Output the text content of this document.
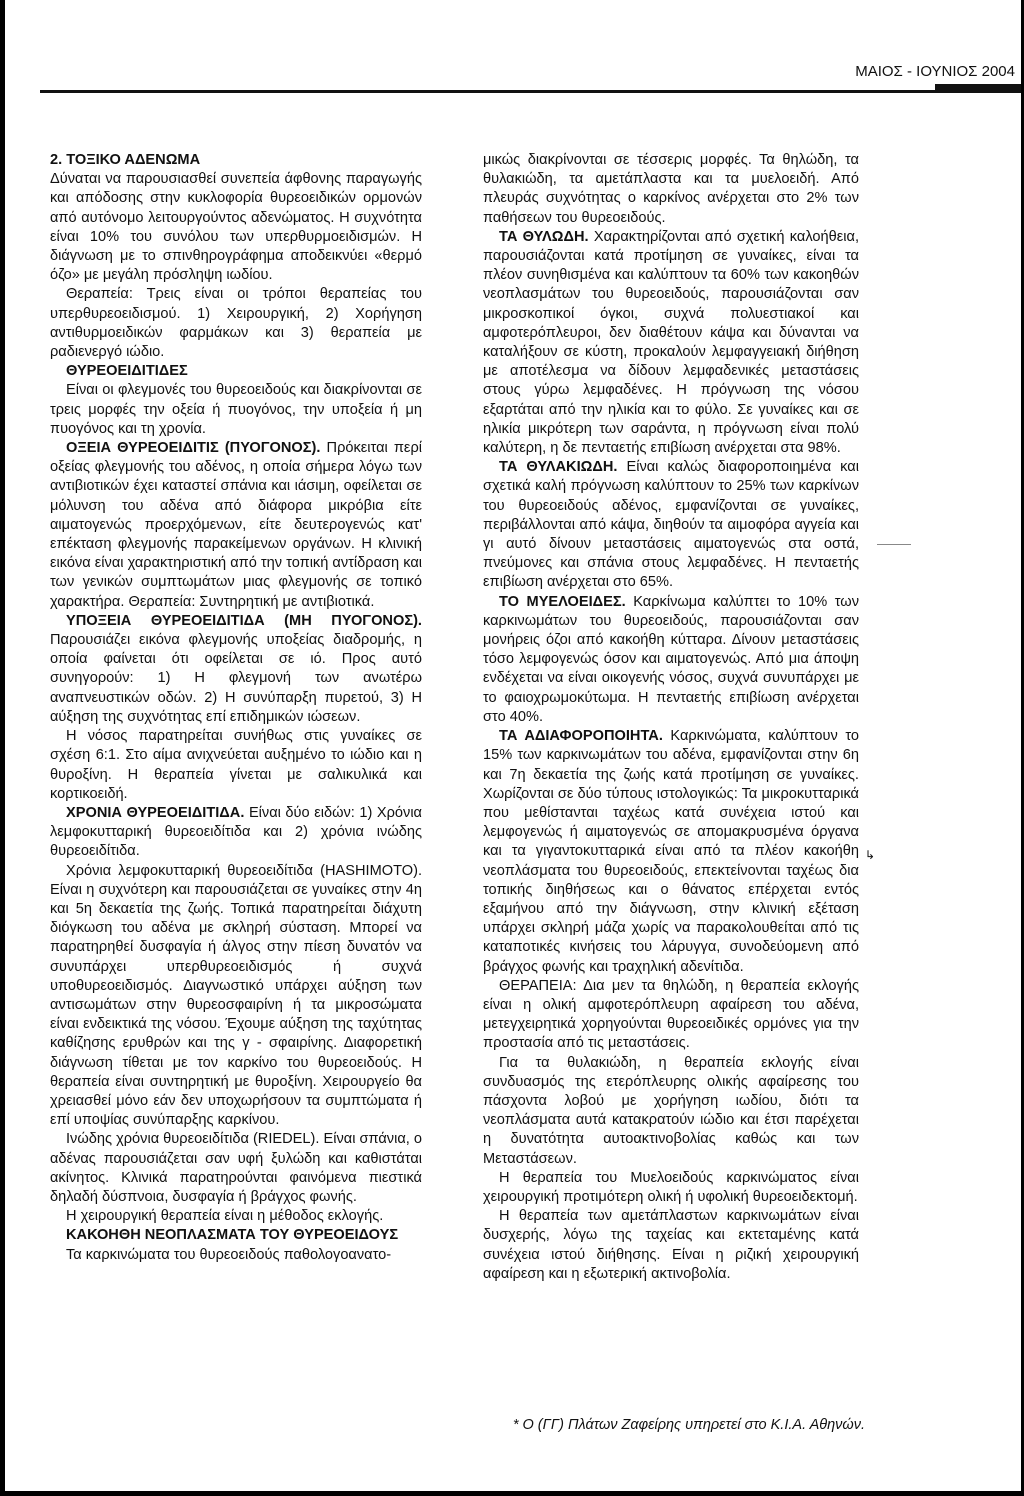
ΜΑΙΟΣ - ΙΟΥΝΙΟΣ 2004

2. ΤΟΞΙΚΟ ΑΔΕΝΩΜΑ

Δύναται να παρουσιασθεί συνεπεία άφθονης παραγωγής και απόδοσης στην κυκλοφορία θυρεοειδικών ορμονών από αυτόνομο λειτουργούντος αδενώματος. Η συχνότητα είναι 10% του συνόλου των υπερθυρμοειδισμών. Η διάγνωση με το σπινθηρογράφημα αποδεικνύει «θερμό όζο» με μεγάλη πρόσληψη ιωδίου.

Θεραπεία: Τρεις είναι οι τρόποι θεραπείας του υπερθυρεοειδισμού. 1) Χειρουργική, 2) Χορήγηση αντιθυρμοειδικών φαρμάκων και 3) θεραπεία με ραδιενεργό ιώδιο.

ΘΥΡΕΟΕΙΔΙΤΙΔΕΣ

Είναι οι φλεγμονές του θυρεοειδούς και διακρίνονται σε τρεις μορφές την οξεία ή πυογόνος, την υποξεία ή μη πυογόνος και τη χρονία.

ΟΞΕΙΑ ΘΥΡΕΟΕΙΔΙΤΙΣ (ΠΥΟΓΟΝΟΣ). Πρόκειται περί οξείας φλεγμονής του αδένος, η οποία σήμερα λόγω των αντιβιοτικών έχει καταστεί σπάνια και ιάσιμη, οφείλεται σε μόλυνση του αδένα από διάφορα μικρόβια είτε αιματογενώς προερχόμενων, είτε δευτερογενώς κατ' επέκταση φλεγμονής παρακείμενων οργάνων. Η κλινική εικόνα είναι χαρακτηριστική από την τοπική αντίδραση και των γενικών συμπτωμάτων μιας φλεγμονής σε τοπικό χαρακτήρα. Θεραπεία: Συντηρητική με αντιβιοτικά.

ΥΠΟΞΕΙΑ ΘΥΡΕΟΕΙΔΙΤΙΔΑ (ΜΗ ΠΥΟΓΟΝΟΣ). Παρουσιάζει εικόνα φλεγμονής υποξείας διαδρομής, η οποία φαίνεται ότι οφείλεται σε ιό. Προς αυτό συνηγορούν: 1) Η φλεγμονή των ανωτέρω αναπνευστικών οδών. 2) Η συνύπαρξη πυρετού, 3) Η αύξηση της συχνότητας επί επιδημικών ιώσεων.

Η νόσος παρατηρείται συνήθως στις γυναίκες σε σχέση 6:1. Στο αίμα ανιχνεύεται αυξημένο το ιώδιο και η θυροξίνη. Η θεραπεία γίνεται με σαλικυλικά και κορτικοειδή.

ΧΡΟΝΙΑ ΘΥΡΕΟΕΙΔΙΤΙΔΑ. Είναι δύο ειδών: 1) Χρόνια λεμφοκυτταρική θυρεοειδίτιδα και 2) χρόνια ινώδης θυρεοειδίτιδα.

Χρόνια λεμφοκυτταρική θυρεοειδίτιδα (HASHIMOTO). Είναι η συχνότερη και παρουσιάζεται σε γυναίκες στην 4η και 5η δεκαετία της ζωής. Τοπικά παρατηρείται διάχυτη διόγκωση του αδένα με σκληρή σύσταση. Μπορεί να παρατηρηθεί δυσφαγία ή άλγος στην πίεση δυνατόν να συνυπάρχει υπερθυρεοειδισμός ή συχνά υποθυρεοειδισμός. Διαγνωστικό υπάρχει αύξηση των αντισωμάτων στην θυρεοσφαιρίνη ή τα μικροσώματα είναι ενδεικτικά της νόσου. Έχουμε αύξηση της ταχύτητας καθίζησης ερυθρών και της γ - σφαιρίνης. Διαφορετική διάγνωση τίθεται με τον καρκίνο του θυρεοειδούς. Η θεραπεία είναι συντηρητική με θυροξίνη. Χειρουργείο θα χρειασθεί μόνο εάν δεν υποχωρήσουν τα συμπτώματα ή επί υποψίας συνύπαρξης καρκίνου.

Ινώδης χρόνια θυρεοειδίτιδα (RIEDEL). Είναι σπάνια, ο αδένας παρουσιάζεται σαν υφή ξυλώδη και καθιστάται ακίνητος. Κλινικά παρατηρούνται φαινόμενα πιεστικά δηλαδή δύσπνοια, δυσφαγία ή βράγχος φωνής.

Η χειρουργική θεραπεία είναι η μέθοδος εκλογής.

ΚΑΚΟΗΘΗ ΝΕΟΠΛΑΣΜΑΤΑ ΤΟΥ ΘΥΡΕΟΕΙΔΟΥΣ

Τα καρκινώματα του θυρεοειδούς παθολογοανατο-

μικώς διακρίνονται σε τέσσερις μορφές. Τα θηλώδη, τα θυλακιώδη, τα αμετάπλαστα και τα μυελοειδή. Από πλευράς συχνότητας ο καρκίνος ανέρχεται στο 2% των παθήσεων του θυρεοειδούς.

ΤΑ ΘΥΛΩΔΗ. Χαρακτηρίζονται από σχετική καλοήθεια, παρουσιάζονται κατά προτίμηση σε γυναίκες, είναι τα πλέον συνηθισμένα και καλύπτουν τα 60% των κακοηθών νεοπλασμάτων του θυρεοειδούς, παρουσιάζονται σαν μικροσκοπικοί όγκοι, συχνά πολυεστιακοί και αμφοτερόπλευροι, δεν διαθέτουν κάψα και δύνανται να καταλήξουν σε κύστη, προκαλούν λεμφαγγειακή διήθηση με αποτέλεσμα να δίδουν λεμφαδενικές μεταστάσεις στους γύρω λεμφαδένες. Η πρόγνωση της νόσου εξαρτάται από την ηλικία και το φύλο. Σε γυναίκες και σε ηλικία μικρότερη των σαράντα, η πρόγνωση είναι πολύ καλύτερη, η δε πενταετής επιβίωση ανέρχεται στα 98%.

ΤΑ ΘΥΛΑΚΙΩΔΗ. Είναι καλώς διαφοροποιημένα και σχετικά καλή πρόγνωση καλύπτουν το 25% των καρκίνων του θυρεοειδούς αδένος, εμφανίζονται σε γυναίκες, περιβάλλονται από κάψα, διηθούν τα αιμοφόρα αγγεία και γι αυτό δίνουν μεταστάσεις αιματογενώς στα οστά, πνεύμονες και σπάνια στους λεμφαδένες. Η πενταετής επιβίωση ανέρχεται στο 65%.

ΤΟ ΜΥΕΛΟΕΙΔΕΣ. Καρκίνωμα καλύπτει το 10% των καρκινωμάτων του θυρεοειδούς, παρουσιάζονται σαν μονήρεις όζοι από κακοήθη κύτταρα. Δίνουν μεταστάσεις τόσο λεμφογενώς όσον και αιματογενώς. Από μια άποψη ενδέχεται να είναι οικογενής νόσος, συχνά συνυπάρχει με το φαιοχρωμοκύτωμα. Η πενταετής επιβίωση ανέρχεται στο 40%.

ΤΑ ΑΔΙΑΦΟΡΟΠΟΙΗΤΑ. Καρκινώματα, καλύπτουν το 15% των καρκινωμάτων του αδένα, εμφανίζονται στην 6η και 7η δεκαετία της ζωής κατά προτίμηση σε γυναίκες. Χωρίζονται σε δύο τύπους ιστολογικώς: Τα μικροκυτταρικά που μεθίστανται ταχέως κατά συνέχεια ιστού και λεμφογενώς ή αιματογενώς σε απομακρυσμένα όργανα και τα γιγαντοκυτταρικά είναι από τα πλέον κακοήθη νεοπλάσματα του θυρεοειδούς, επεκτείνονται ταχέως δια τοπικής διηθήσεως και ο θάνατος επέρχεται εντός εξαμήνου από την διάγνωση, στην κλινική εξέταση υπάρχει σκληρή μάζα χωρίς να παρακολουθείται από τις καταποτικές κινήσεις του λάρυγγα, συνοδεύομενη από βράγχος φωνής και τραχηλική αδενίτιδα.

ΘΕΡΑΠΕΙΑ: Δια μεν τα θηλώδη, η θεραπεία εκλογής είναι η ολική αμφοτερόπλευρη αφαίρεση του αδένα, μετεγχειρητικά χορηγούνται θυρεοειδικές ορμόνες για την προστασία από τις μεταστάσεις.

Για τα θυλακιώδη, η θεραπεία εκλογής είναι συνδυασμός της ετερόπλευρης ολικής αφαίρεσης του πάσχοντα λοβού με χορήγηση ιωδίου, διότι τα νεοπλάσματα αυτά κατακρατούν ιώδιο και έτσι παρέχεται η δυνατότητα αυτοακτινοβολίας καθώς και των Μεταστάσεων.

Η θεραπεία του Μυελοειδούς καρκινώματος είναι χειρουργική προτιμότερη ολική ή υφολική θυρεοειδεκτομή.

Η θεραπεία των αμετάπλαστων καρκινωμάτων είναι δυσχερής, λόγω της ταχείας και εκτεταμένης κατά συνέχεια ιστού διήθησης. Είναι η ριζική χειρουργική αφαίρεση και η εξωτερική ακτινοβολία.

* Ο (ΓΓ) Πλάτων Ζαφείρης υπηρετεί στο Κ.Ι.Α. Αθηνών.
↳
